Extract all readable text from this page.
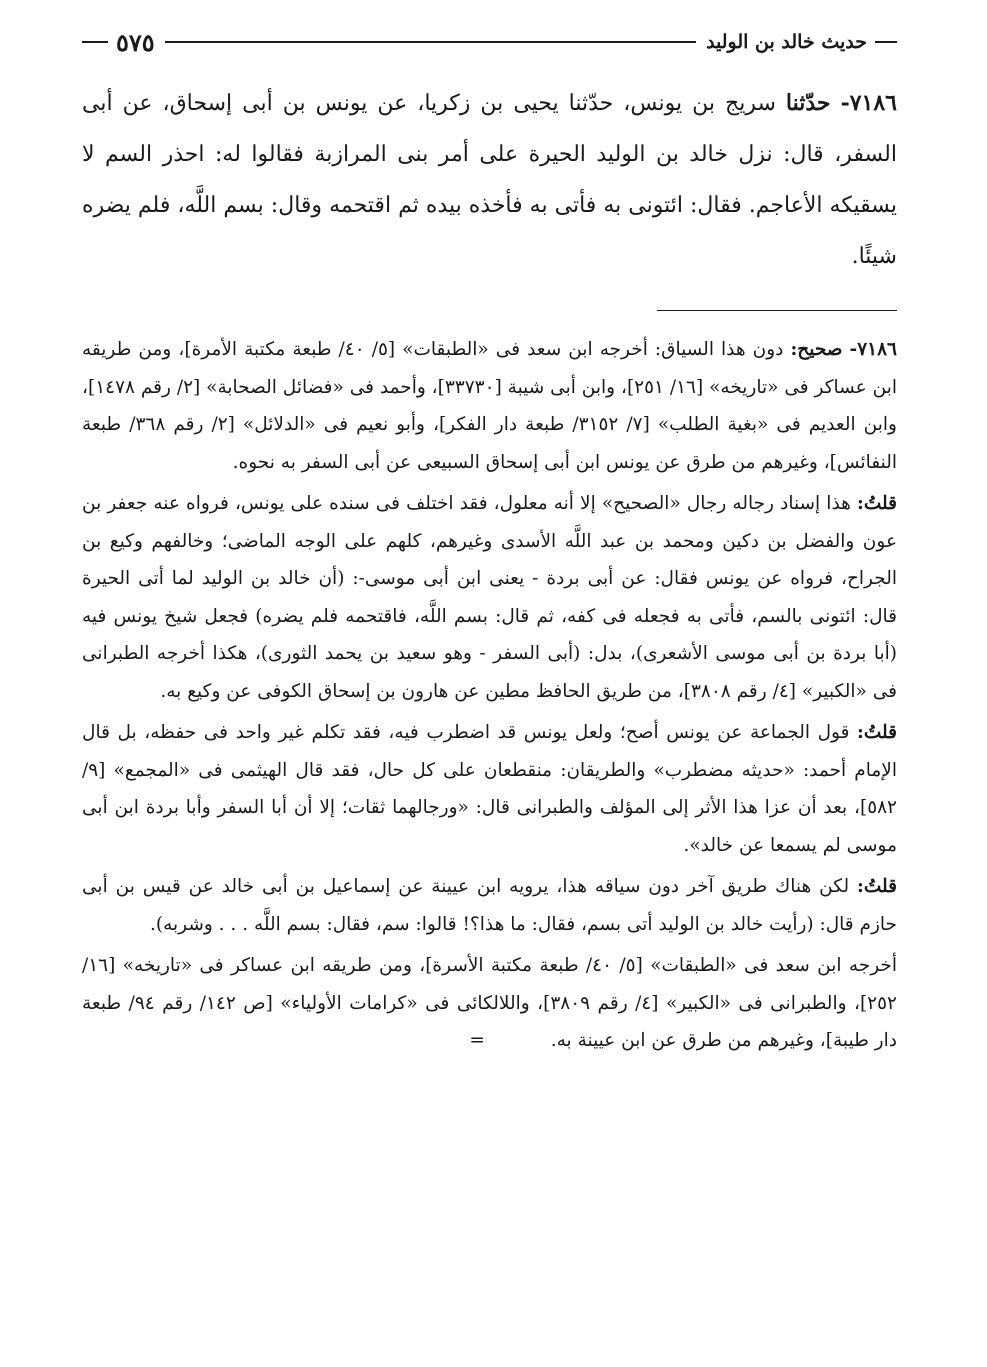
حديث خالد بن الوليد
٥٧٥
٧١٨٦- حدّثنا سريج بن يونس، حدّثنا يحيى بن زكريا، عن يونس بن أبى إسحاق، عن أبى السفر، قال: نزل خالد بن الوليد الحيرة على أمر بنى المرازبة فقالوا له: احذر السم لا يسقيكه الأعاجم. فقال: ائتونى به فأتى به فأخذه بيده ثم اقتحمه وقال: بسم اللَّه، فلم يضره شيئًا.

٧١٨٦- صحيح: دون هذا السياق: أخرجه ابن سعد فى «الطبقات» [٥/ ٤٠/ طبعة مكتبة الأمرة]، ومن طريقه ابن عساكر فى «تاريخه» [١٦/ ٢٥١]، وابن أبى شيبة [٣٣٧٣٠]، وأحمد فى «فضائل الصحابة» [٢/ رقم ١٤٧٨]، وابن العديم فى «بغية الطلب» [٧/ ٣١٥٢/ طبعة دار الفكر]، وأبو نعيم فى «الدلائل» [٢/ رقم ٣٦٨/ طبعة النفائس]، وغيرهم من طرق عن يونس ابن أبى إسحاق السبيعى عن أبى السفر به نحوه.

قلتُ: هذا إسناد رجاله رجال «الصحيح» إلا أنه معلول، فقد اختلف فى سنده على يونس، فرواه عنه جعفر بن عون والفضل بن دكين ومحمد بن عبد اللَّه الأسدى وغيرهم، كلهم على الوجه الماضى؛ وخالفهم وكيع بن الجراح، فرواه عن يونس فقال: عن أبى بردة - يعنى ابن أبى موسى-: (أن خالد بن الوليد لما أتى الحيرة قال: ائتونى بالسم، فأتى به فجعله فى كفه، ثم قال: بسم اللَّه، فاقتحمه فلم يضره) فجعل شيخ يونس فيه (أبا بردة بن أبى موسى الأشعرى)، بدل: (أبى السفر - وهو سعيد بن يحمد الثورى)، هكذا أخرجه الطبرانى فى «الكبير» [٤/ رقم ٣٨٠٨]، من طريق الحافظ مطين عن هارون بن إسحاق الكوفى عن وكيع به.

قلتُ: قول الجماعة عن يونس أصح؛ ولعل يونس قد اضطرب فيه، فقد تكلم غير واحد فى حفظه، بل قال الإمام أحمد: «حديثه مضطرب» والطريقان: منقطعان على كل حال، فقد قال الهيثمى فى «المجمع» [٩/ ٥٨٢]، بعد أن عزا هذا الأثر إلى المؤلف والطبرانى قال: «ورجالهما ثقات؛ إلا أن أبا السفر وأبا بردة ابن أبى موسى لم يسمعا عن خالد».

قلتُ: لكن هناك طريق آخر دون سياقه هذا، يرويه ابن عيينة عن إسماعيل بن أبى خالد عن قيس بن أبى حازم قال: (رأيت خالد بن الوليد أتى بسم، فقال: ما هذا؟! قالوا: سم، فقال: بسم اللَّه . . . وشربه).

أخرجه ابن سعد فى «الطبقات» [٥/ ٤٠/ طبعة مكتبة الأسرة]، ومن طريقه ابن عساكر فى «تاريخه» [١٦/ ٢٥٢]، والطبرانى فى «الكبير» [٤/ رقم ٣٨٠٩]، واللالكائى فى «كرامات الأولياء» [ص ١٤٢/ رقم ٩٤/ طبعة دار طيبة]، وغيرهم من طرق عن ابن عيينة به. =
